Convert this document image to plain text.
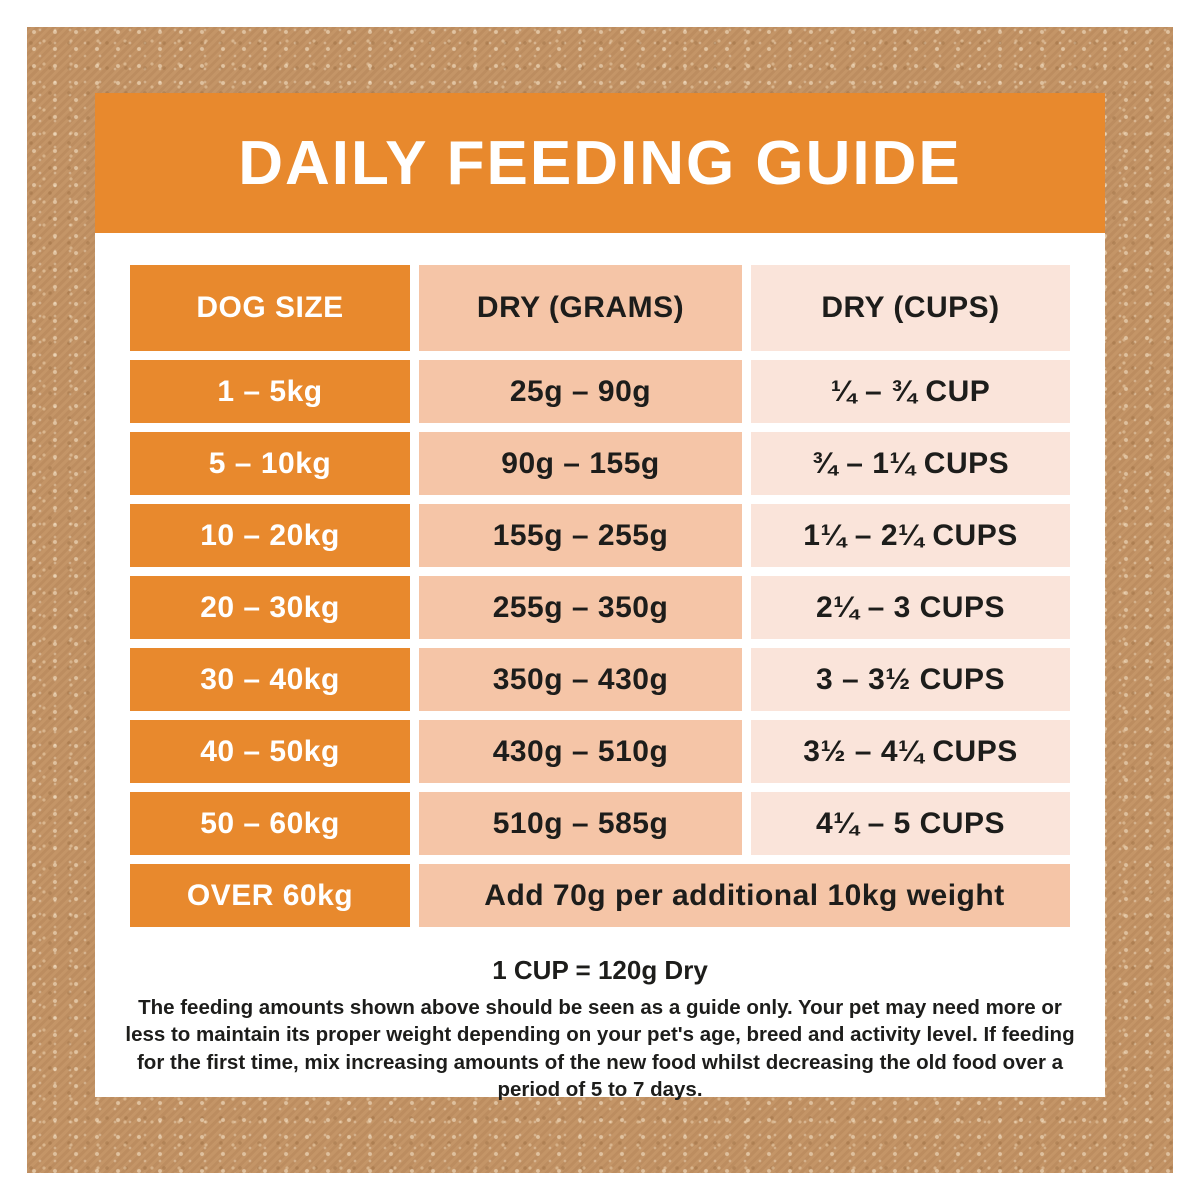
DAILY FEEDING GUIDE
DOG SIZE	DRY (GRAMS)	DRY (CUPS)
1 – 5kg	25g – 90g	¼ – ¾ CUP
5 – 10kg	90g – 155g	¾ – 1¼ CUPS
10 – 20kg	155g – 255g	1¼ – 2¼ CUPS
20 – 30kg	255g – 350g	2¼ – 3 CUPS
30 – 40kg	350g – 430g	3 – 3½ CUPS
40 – 50kg	430g – 510g	3½ – 4¼ CUPS
50 – 60kg	510g – 585g	4¼ – 5 CUPS
OVER 60kg	Add 70g per additional 10kg weight
1 CUP = 120g Dry

The feeding amounts shown above should be seen as a guide only. Your pet may need more or less to maintain its proper weight depending on your pet's age, breed and activity level. If feeding for the first time, mix increasing amounts of the new food whilst decreasing the old food over a period of 5 to 7 days.
